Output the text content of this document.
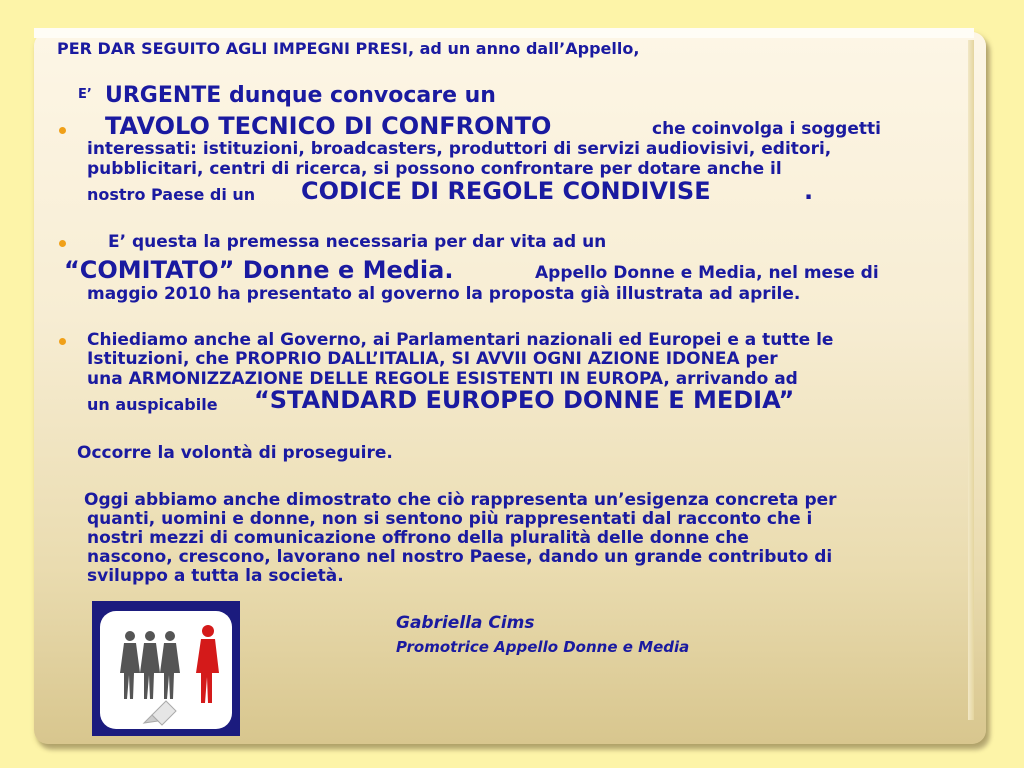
PER DAR SEGUITO AGLI IMPEGNI PRESI, ad un anno dall’Appello,
E’ URGENTE dunque convocare un
TAVOLO TECNICO DI CONFRONTO	che coinvolga i soggetti
interessati: istituzioni, broadcasters, produttori di servizi audiovisivi, editori,
pubblicitari, centri di ricerca, si possono confrontare per dotare anche il
nostro Paese di un CODICE DI REGOLE CONDIVISE	.
E’ questa la premessa necessaria per dar vita ad un
“COMITATO” Donne e Media.	Appello Donne e Media, nel mese di
maggio 2010 ha presentato al governo la proposta già illustrata ad aprile.
Chiediamo anche al Governo, ai Parlamentari nazionali ed Europei e a tutte le
Istituzioni, che PROPRIO DALL’ITALIA, SI AVVII OGNI AZIONE IDONEA per
una ARMONIZZAZIONE DELLE REGOLE ESISTENTI IN EUROPA, arrivando ad
un auspicabile “STANDARD EUROPEO DONNE E MEDIA”
Occorre la volontà di proseguire.
Oggi abbiamo anche dimostrato che ciò rappresenta un’esigenza concreta per
quanti, uomini e donne, non si sentono più rappresentati dal racconto che i
nostri mezzi di comunicazione offrono della pluralità delle donne che
nascono, crescono, lavorano nel nostro Paese, dando un grande contributo di
sviluppo a tutta la società.
Gabriella Cims
Promotrice Appello Donne e Media
